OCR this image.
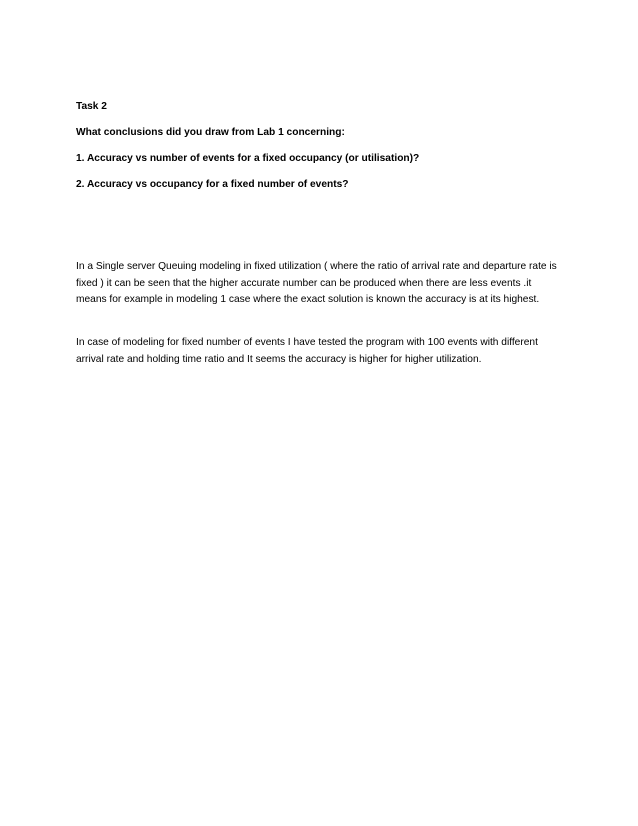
Task 2

What conclusions did you draw from Lab 1 concerning:

1. Accuracy vs number of events for a fixed occupancy (or utilisation)?

2. Accuracy vs occupancy for a fixed number of events?

In a Single server Queuing modeling in fixed utilization ( where the ratio of arrival rate and departure rate is fixed ) it can be seen that the higher accurate number can be produced when there are less events .it means for example in modeling 1 case where the exact solution is known the accuracy is at its highest.

In case of modeling for fixed number of events I have tested the program with 100 events with different arrival rate and holding time ratio and It seems the accuracy is higher for higher utilization.
